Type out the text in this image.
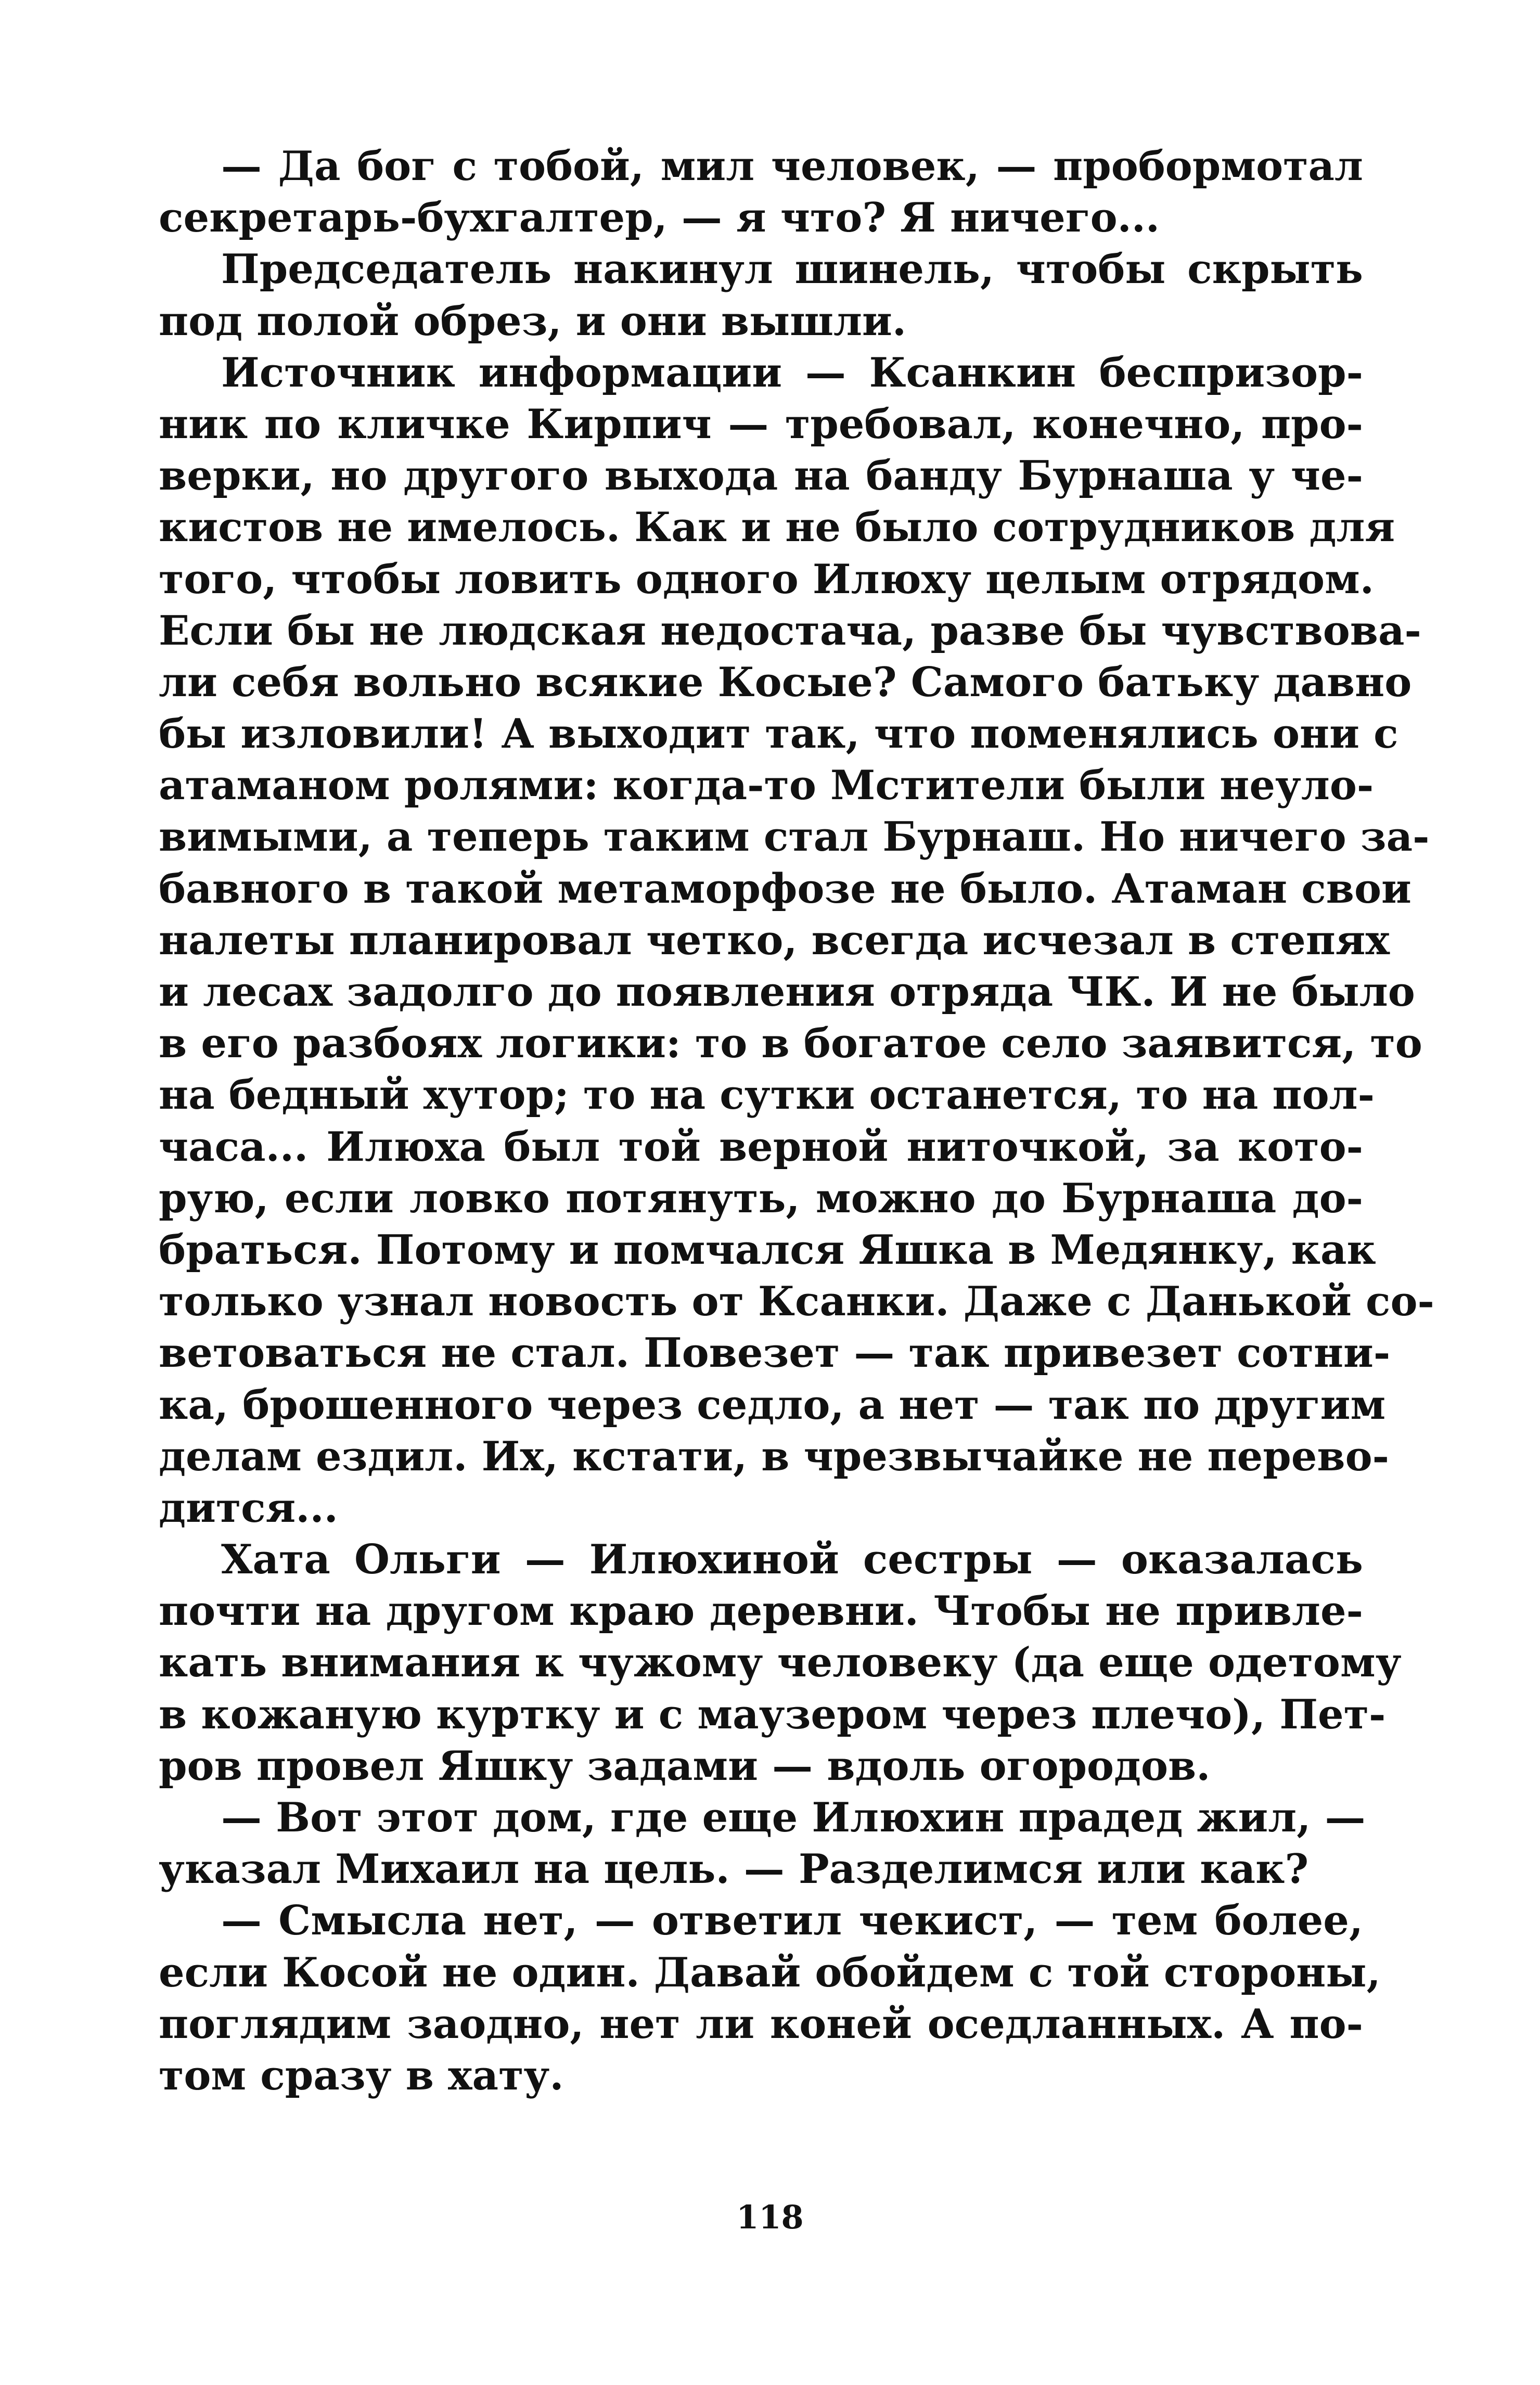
— Да бог с тобой, мил человек, — пробормотал
секретарь-бухгалтер, — я что? Я ничего...
Председатель накинул шинель, чтобы скрыть
под полой обрез, и они вышли.
Источник информации — Ксанкин беспризор-
ник по кличке Кирпич — требовал, конечно, про-
верки, но другого выхода на банду Бурнаша у че-
кистов не имелось. Как и не было сотрудников для
того, чтобы ловить одного Илюху целым отрядом.
Если бы не людская недостача, разве бы чувствова-
ли себя вольно всякие Косые? Самого батьку давно
бы изловили! А выходит так, что поменялись они с
атаманом ролями: когда-то Мстители были неуло-
вимыми, а теперь таким стал Бурнаш. Но ничего за-
бавного в такой метаморфозе не было. Атаман свои
налеты планировал четко, всегда исчезал в степях
и лесах задолго до появления отряда ЧК. И не было
в его разбоях логики: то в богатое село заявится, то
на бедный хутор; то на сутки останется, то на пол-
часа... Илюха был той верной ниточкой, за кото-
рую, если ловко потянуть, можно до Бурнаша до-
браться. Потому и помчался Яшка в Медянку, как
только узнал новость от Ксанки. Даже с Данькой со-
ветоваться не стал. Повезет — так привезет сотни-
ка, брошенного через седло, а нет — так по другим
делам ездил. Их, кстати, в чрезвычайке не перево-
дится...
Хата Ольги — Илюхиной сестры — оказалась
почти на другом краю деревни. Чтобы не привле-
кать внимания к чужому человеку (да еще одетому
в кожаную куртку и с маузером через плечо), Пет-
ров провел Яшку задами — вдоль огородов.
— Вот этот дом, где еще Илюхин прадед жил, —
указал Михаил на цель. — Разделимся или как?
— Смысла нет, — ответил чекист, — тем более,
если Косой не один. Давай обойдем с той стороны,
поглядим заодно, нет ли коней оседланных. А по-
том сразу в хату.
118
